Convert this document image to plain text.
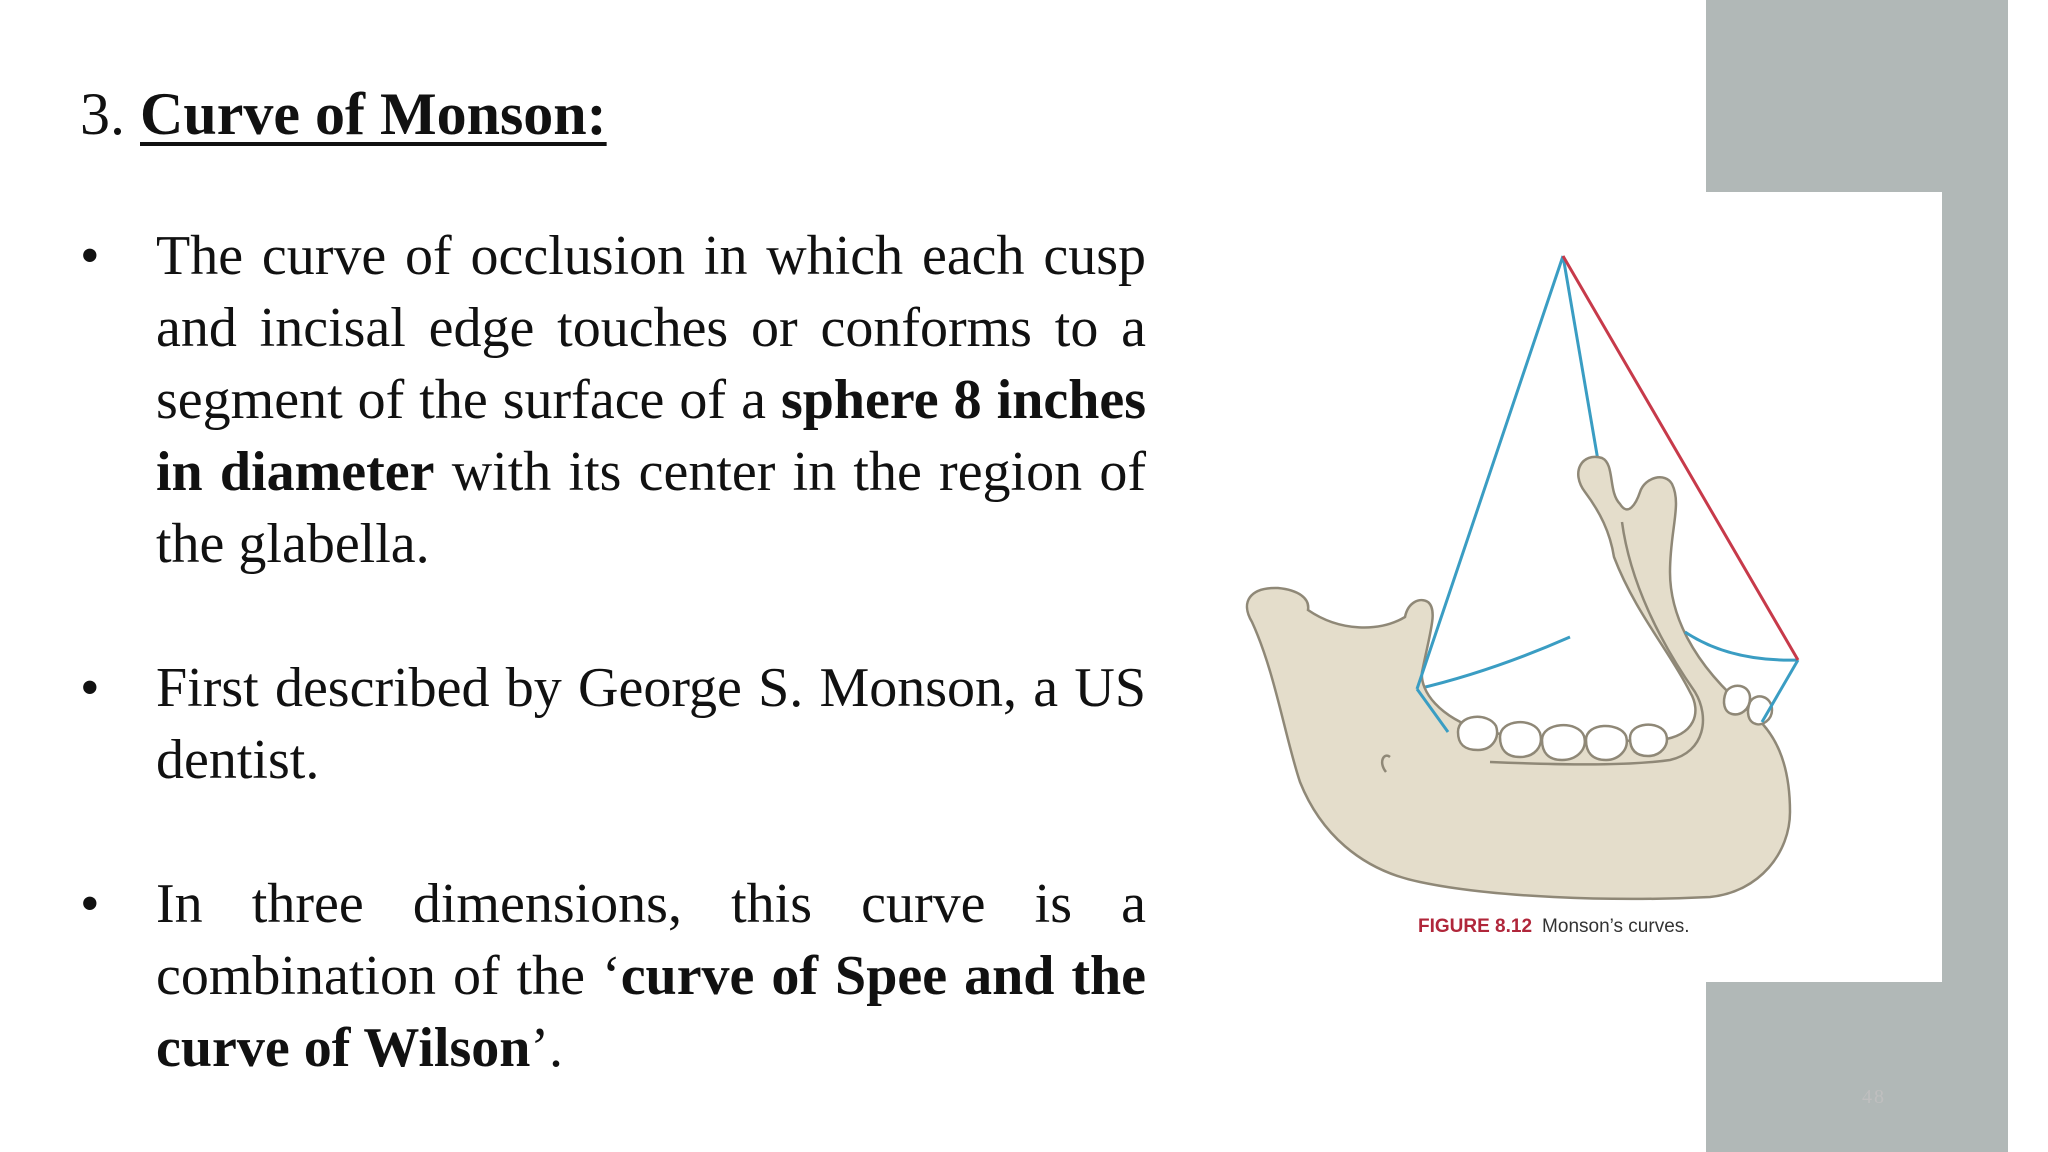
3. Curve of Monson:
•	The curve of occlusion in which each cusp and incisal edge touches or conforms to a segment of the surface of a sphere 8 inches in diameter with its center in the region of the glabella.
•	First described by George S. Monson, a US dentist.
•	In three dimensions, this curve is a combination of the ‘curve of Spee and the curve of Wilson’.
FIGURE 8.12 Monson’s curves.
48
